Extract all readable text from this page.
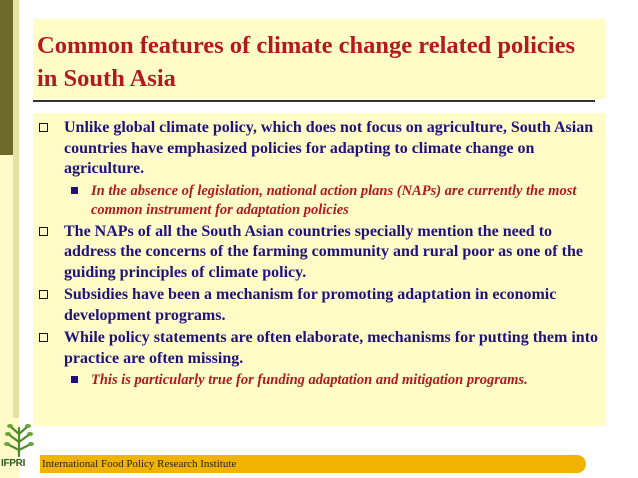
IFPRI
Common features of climate change related policies in South Asia
Unlike global climate policy, which does not focus on agriculture, South Asian countries have emphasized policies for adapting to climate change on agriculture.
In the absence of legislation, national action plans (NAPs) are currently the most common instrument for adaptation policies
The NAPs of all the South Asian countries specially mention the need to address the concerns of the farming community and rural poor as one of the guiding principles of climate policy.
Subsidies have been a mechanism for promoting adaptation in economic development programs.
While policy statements are often elaborate, mechanisms for putting them into practice are often missing.
This is particularly true for funding adaptation and mitigation programs.
International Food Policy Research Institute
